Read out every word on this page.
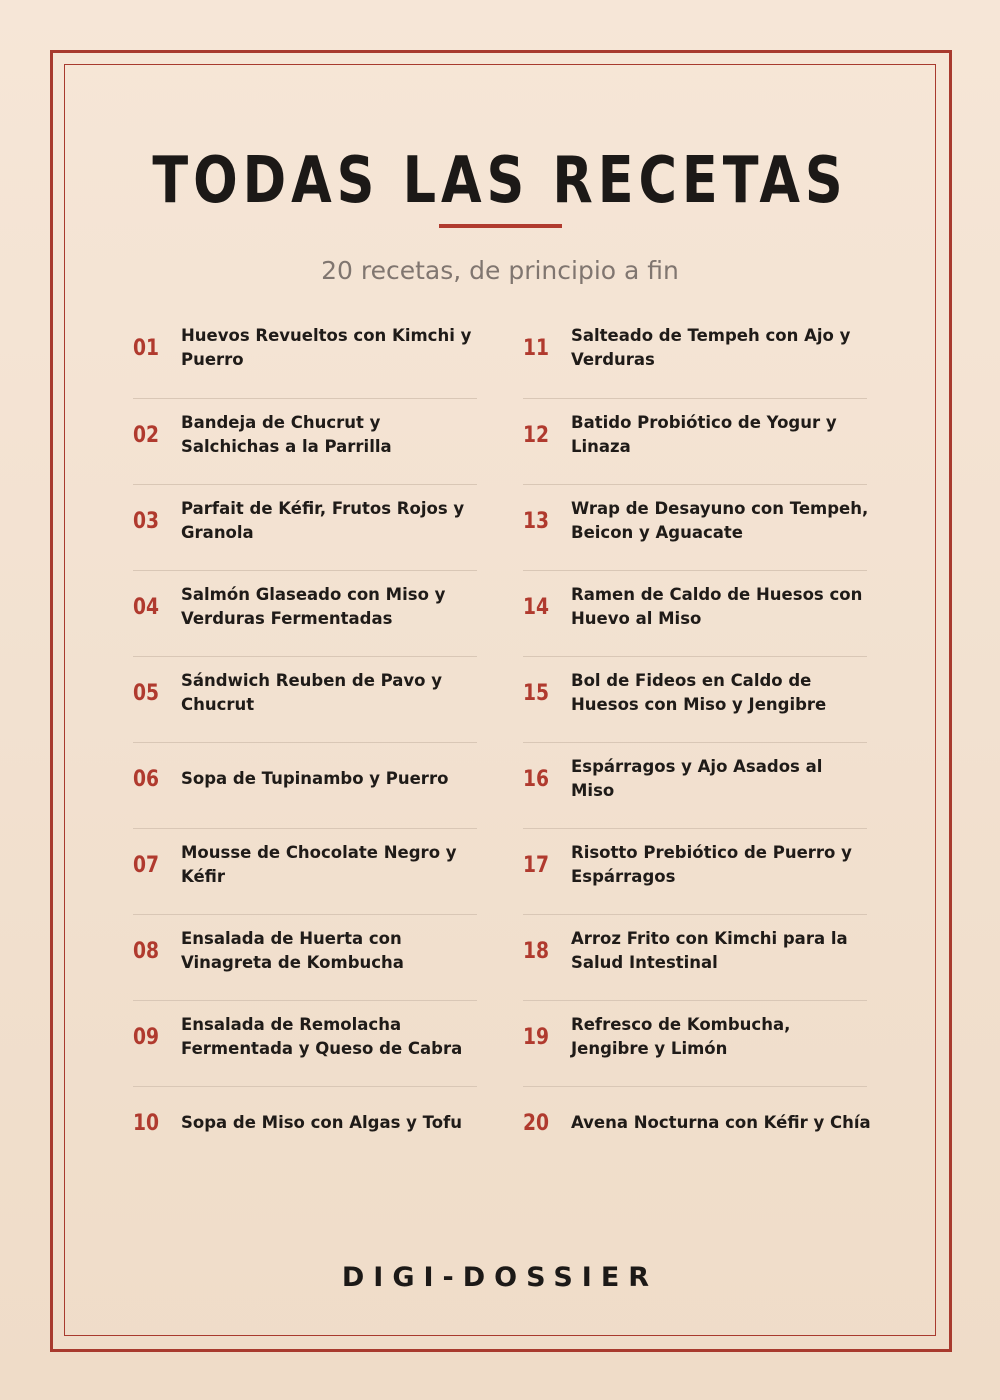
TODAS LAS RECETAS
20 recetas, de principio a fin
01
Huevos Revueltos con Kimchi y Puerro
02
Bandeja de Chucrut y Salchichas a la Parrilla
03
Parfait de Kéfir, Frutos Rojos y Granola
04
Salmón Glaseado con Miso y Verduras Fermentadas
05
Sándwich Reuben de Pavo y Chucrut
06 Sopa de Tupinambo y Puerro
07
Mousse de Chocolate Negro y Kéfir
08
Ensalada de Huerta con Vinagreta de Kombucha
09
Ensalada de Remolacha Fermentada y Queso de Cabra
10 Sopa de Miso con Algas y Tofu
11
Salteado de Tempeh con Ajo y Verduras
12
Batido Probiótico de Yogur y Linaza
13
Wrap de Desayuno con Tempeh, Beicon y Aguacate
14
Ramen de Caldo de Huesos con Huevo al Miso
15
Bol de Fideos en Caldo de Huesos con Miso y Jengibre
16
Espárragos y Ajo Asados al Miso
17
Risotto Prebiótico de Puerro y Espárragos
18
Arroz Frito con Kimchi para la Salud Intestinal
19
Refresco de Kombucha, Jengibre y Limón
20 Avena Nocturna con Kéfir y Chía
DIGI-DOSSIER
